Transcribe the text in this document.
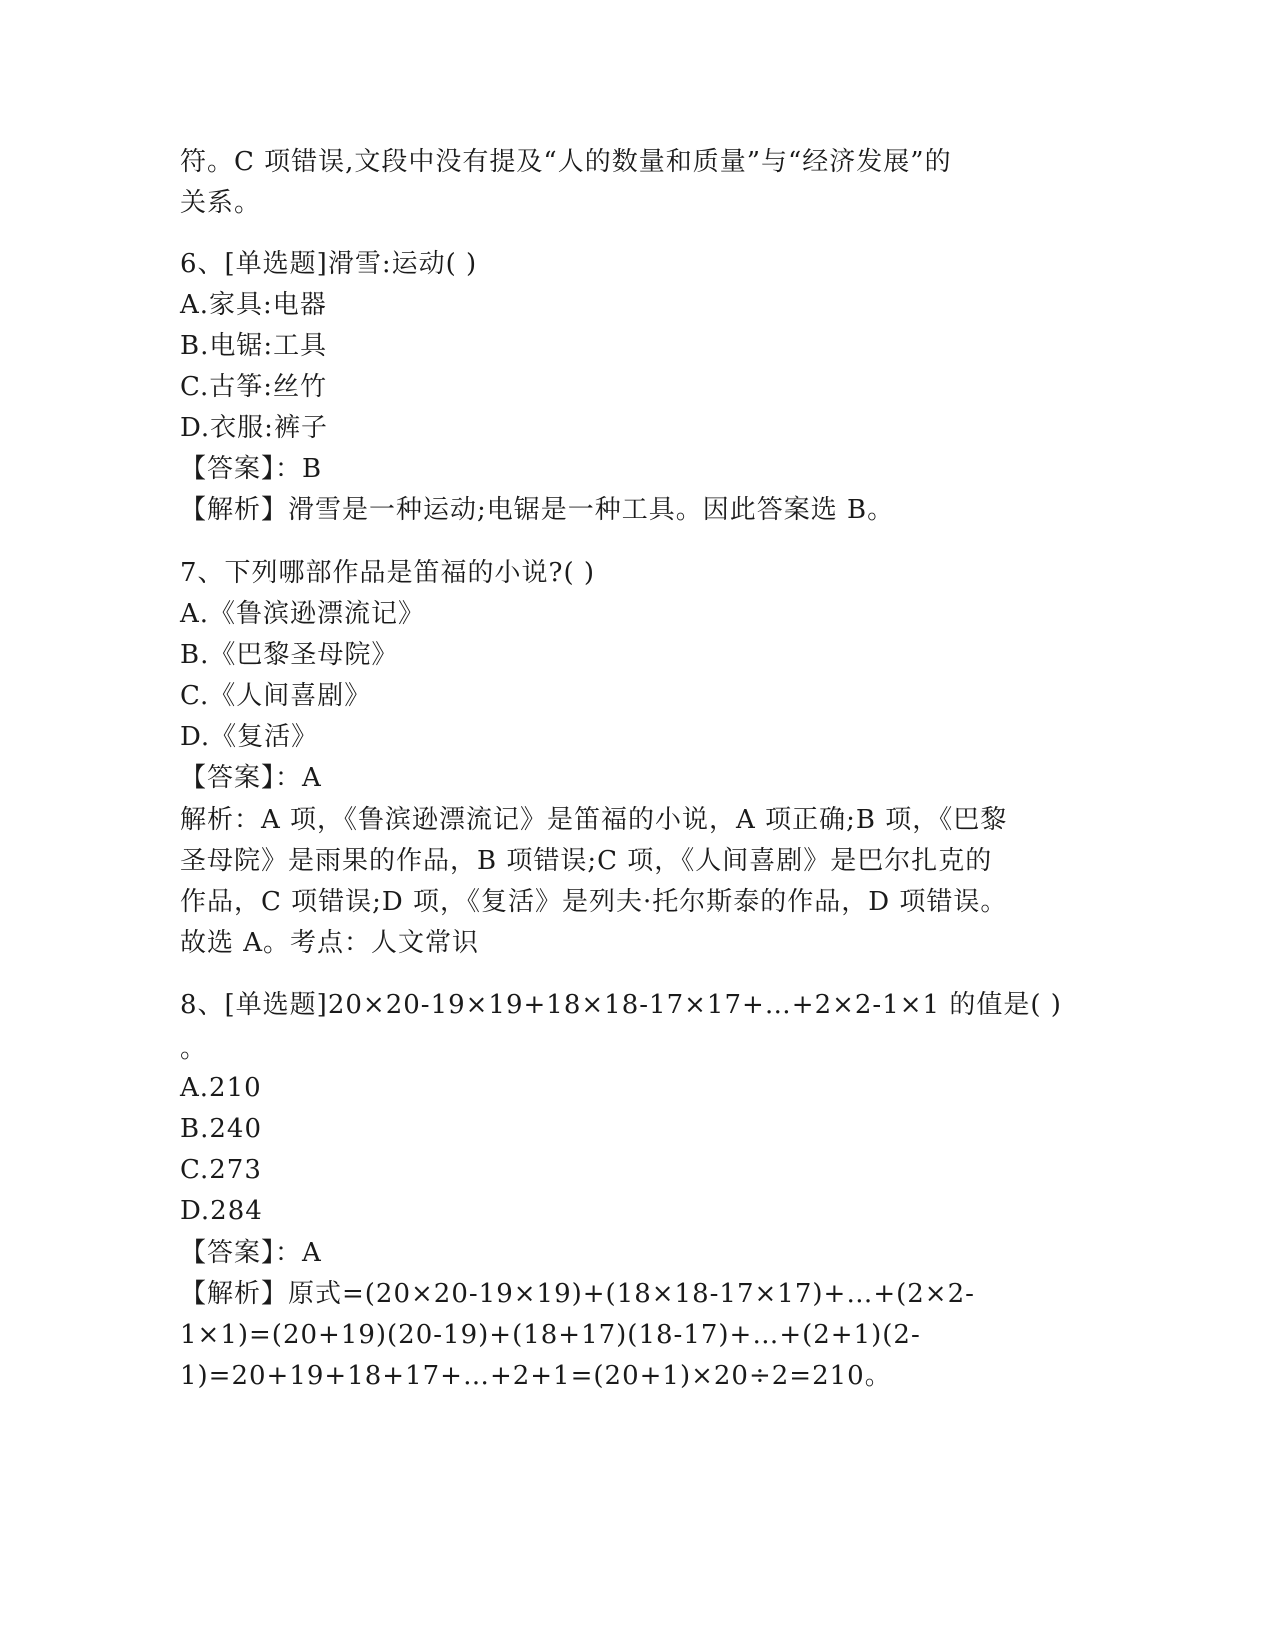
符。C 项错误,文段中没有提及“人的数量和质量”与“经济发展”的
关系。
6、[单选题]滑雪:运动( )
A.家具:电器
B.电锯:工具
C.古筝:丝竹
D.衣服:裤子
【答案】：B
【解析】滑雪是一种运动;电锯是一种工具。因此答案选 B。
7、下列哪部作品是笛福的小说?( )
A.《鲁滨逊漂流记》
B.《巴黎圣母院》
C.《人间喜剧》
D.《复活》
【答案】：A
解析：A 项，《鲁滨逊漂流记》是笛福的小说，A 项正确;B 项，《巴黎
圣母院》是雨果的作品，B 项错误;C 项，《人间喜剧》是巴尔扎克的
作品，C 项错误;D 项，《复活》是列夫·托尔斯泰的作品，D 项错误。
故选 A。考点：人文常识
8、[单选题]20×20-19×19+18×18-17×17+…+2×2-1×1 的值是( )
。
A.210
B.240
C.273
D.284
【答案】：A
【解析】原式=(20×20-19×19)+(18×18-17×17)+…+(2×2-
1×1)=(20+19)(20-19)+(18+17)(18-17)+…+(2+1)(2-
1)=20+19+18+17+…+2+1=(20+1)×20÷2=210。
